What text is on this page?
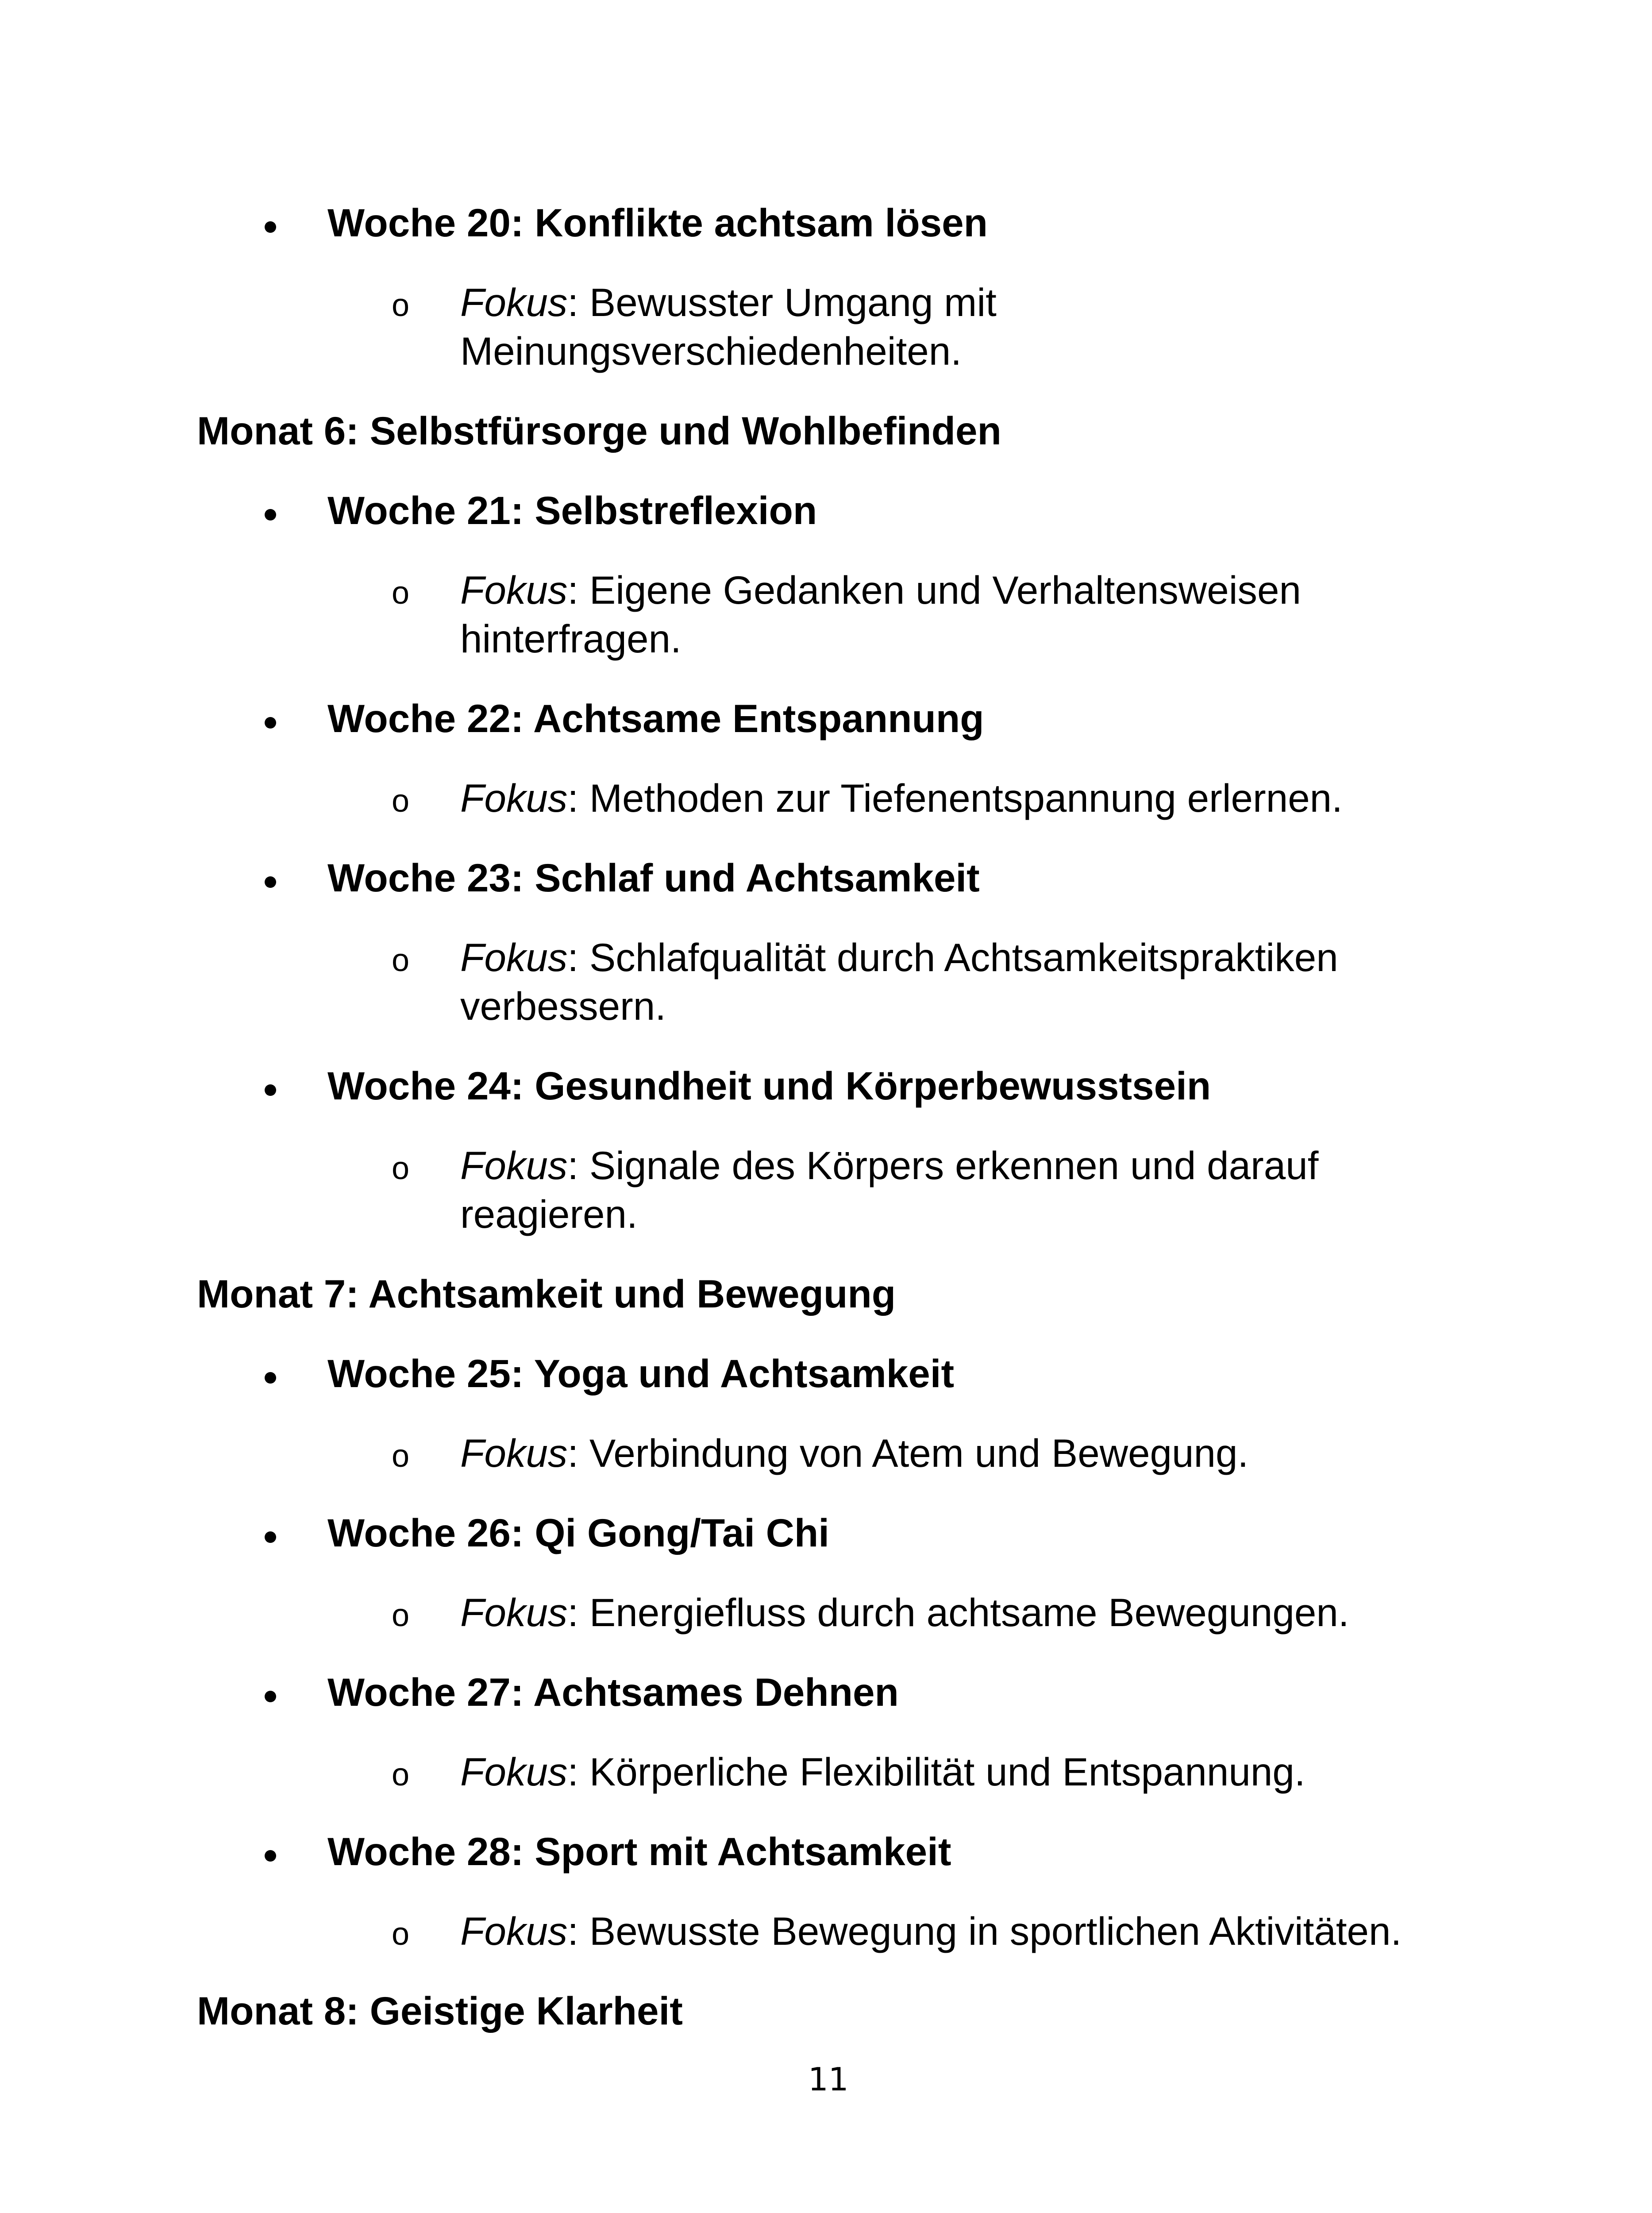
Woche 20: Konflikte achtsam lösen
o Fokus: Bewusster Umgang mit
Meinungsverschiedenheiten.
Monat 6: Selbstfürsorge und Wohlbefinden
Woche 21: Selbstreflexion
o Fokus: Eigene Gedanken und Verhaltensweisen
hinterfragen.
Woche 22: Achtsame Entspannung
o Fokus: Methoden zur Tiefenentspannung erlernen.
Woche 23: Schlaf und Achtsamkeit
o Fokus: Schlafqualität durch Achtsamkeitspraktiken
verbessern.
Woche 24: Gesundheit und Körperbewusstsein
o Fokus: Signale des Körpers erkennen und darauf
reagieren.
Monat 7: Achtsamkeit und Bewegung
Woche 25: Yoga und Achtsamkeit
o Fokus: Verbindung von Atem und Bewegung.
Woche 26: Qi Gong/Tai Chi
o Fokus: Energiefluss durch achtsame Bewegungen.
Woche 27: Achtsames Dehnen
o Fokus: Körperliche Flexibilität und Entspannung.
Woche 28: Sport mit Achtsamkeit
o Fokus: Bewusste Bewegung in sportlichen Aktivitäten.
Monat 8: Geistige Klarheit
11
